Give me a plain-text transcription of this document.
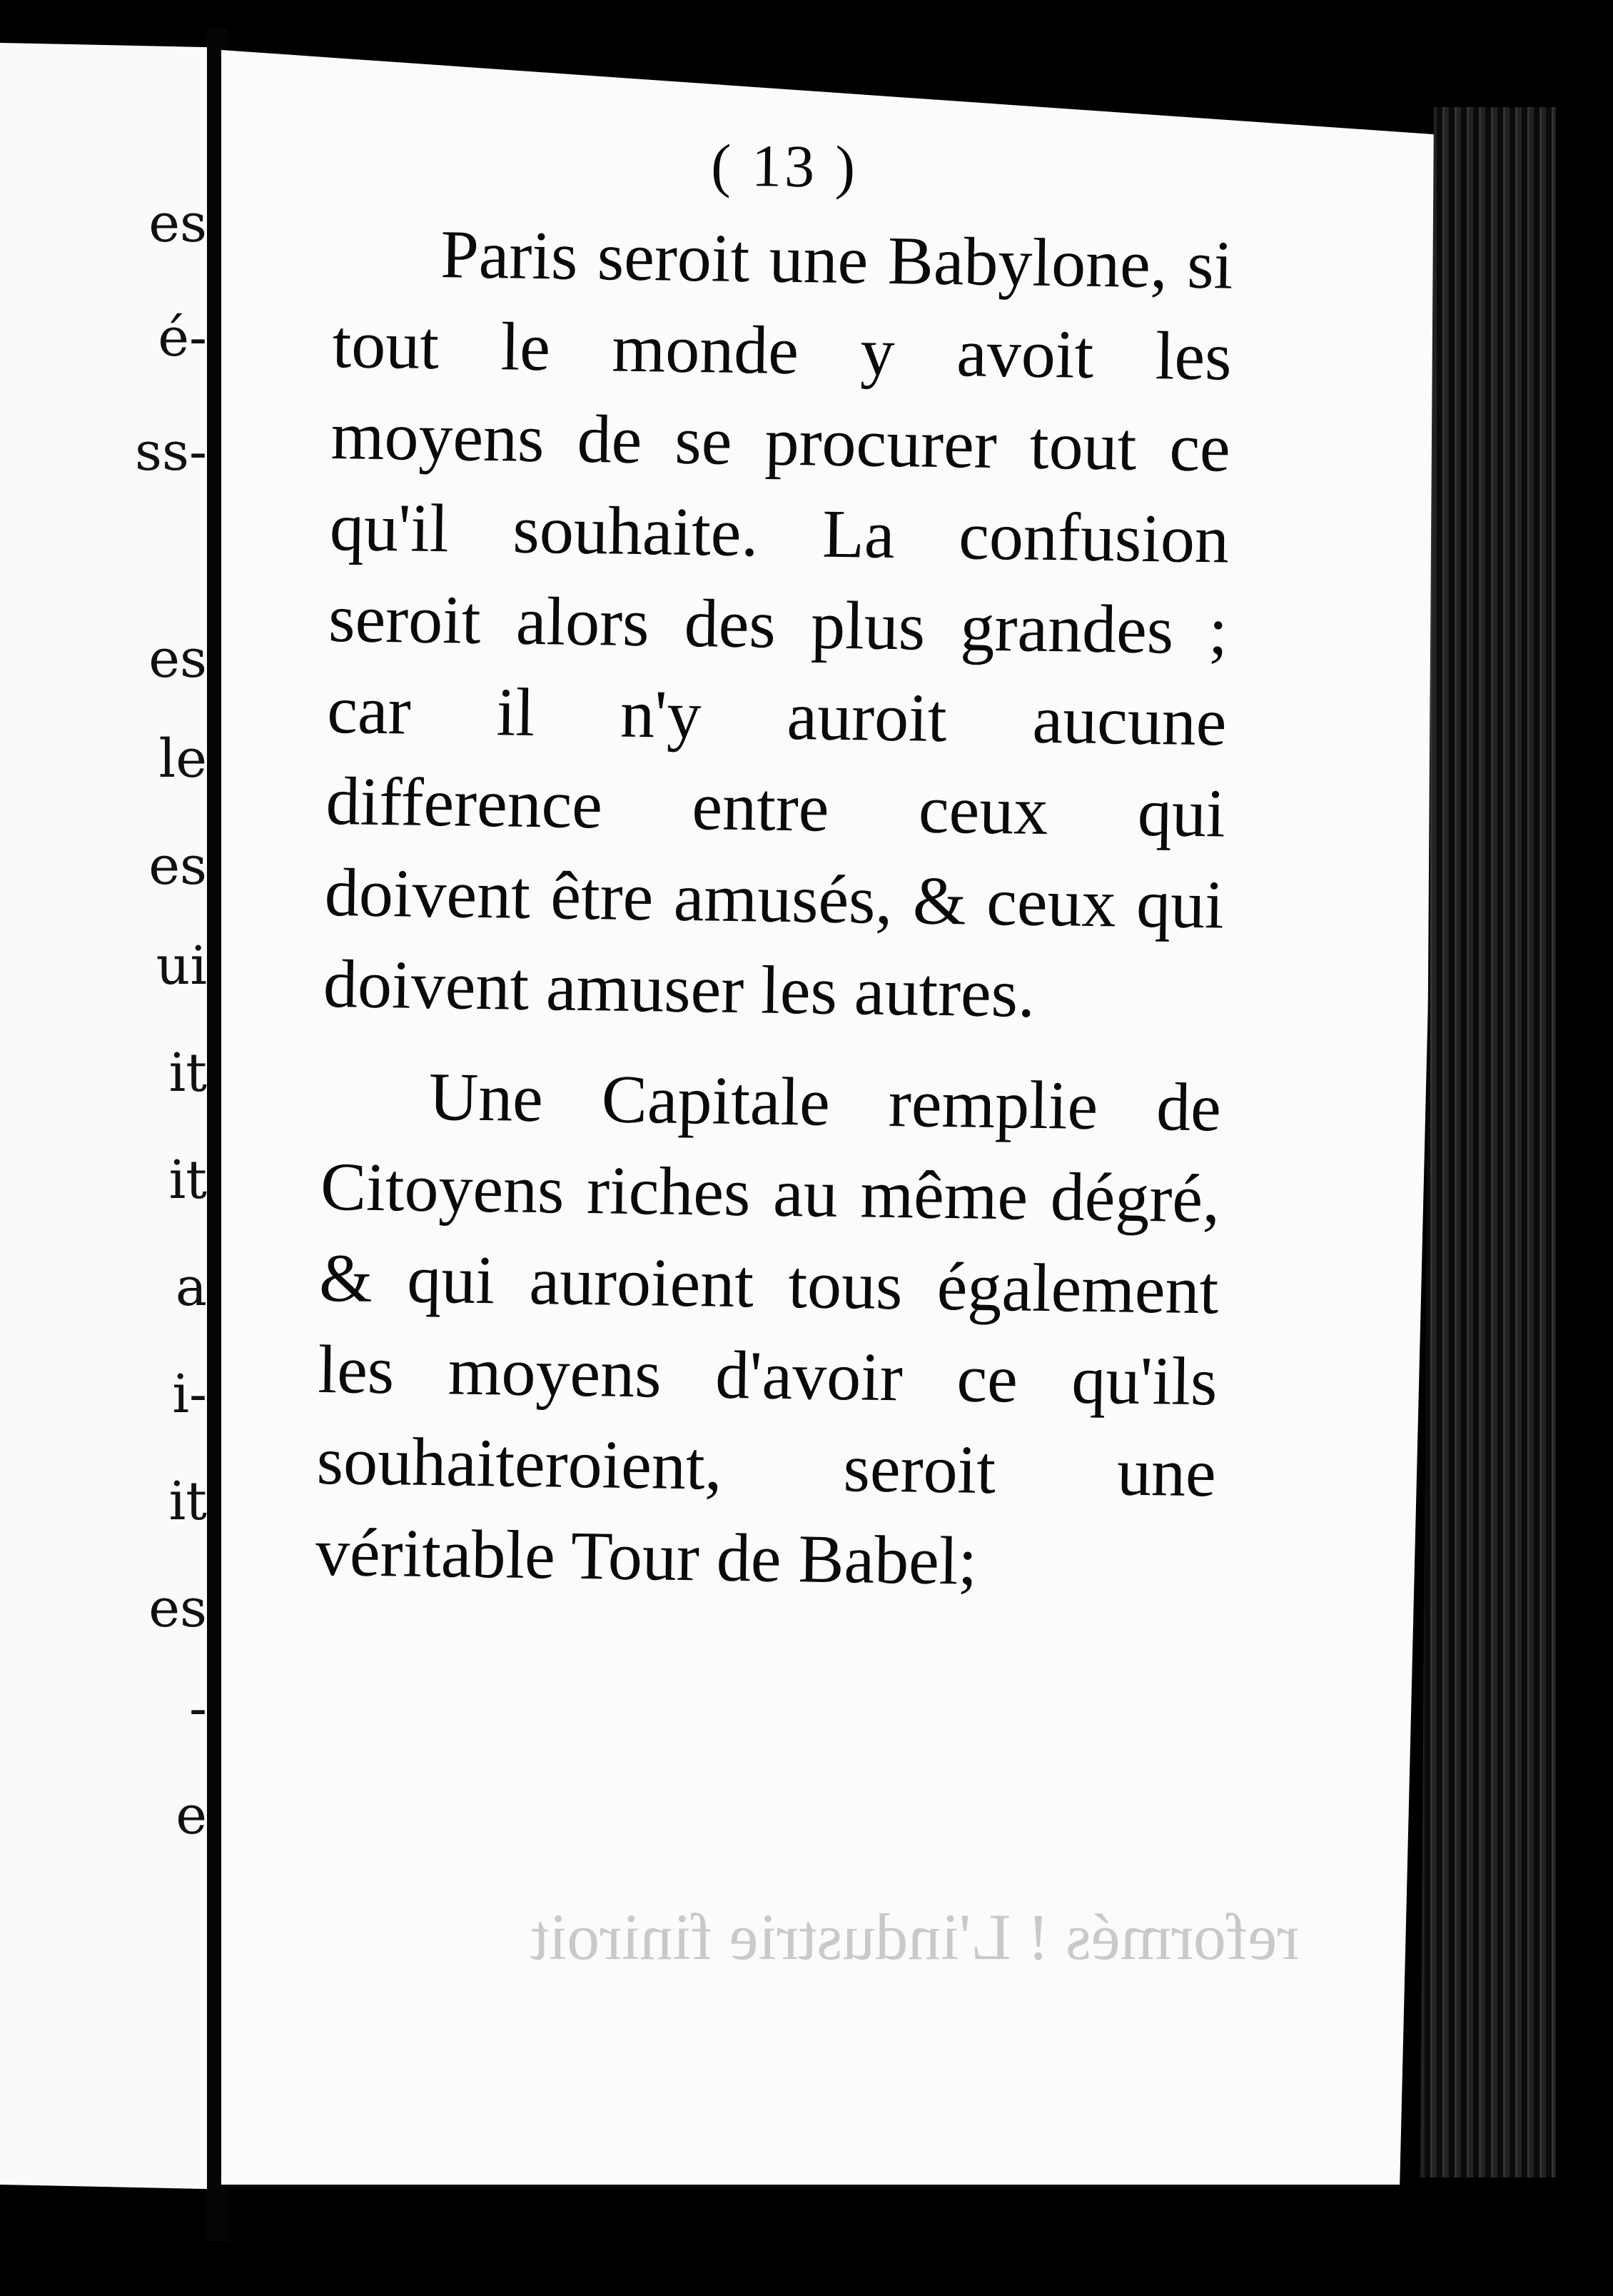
es
é-
ss-
es
le
es
ui
it
it
a
i-
it
es
-
e
reformés ! L'industrie finiroit
( 13 )

Paris seroit une Babylone, si tout le monde y avoit les moyens de se procurer tout ce qu'il souhaite. La confusion seroit alors des plus grandes ; car il n'y auroit aucune difference entre ceux qui doivent être amusés, & ceux qui doivent amuser les autres.

Une Capitale remplie de Citoyens riches au même dégré, & qui auroient tous également les moyens d'avoir ce qu'ils souhaiteroient, seroit une véritable Tour de Babel;
